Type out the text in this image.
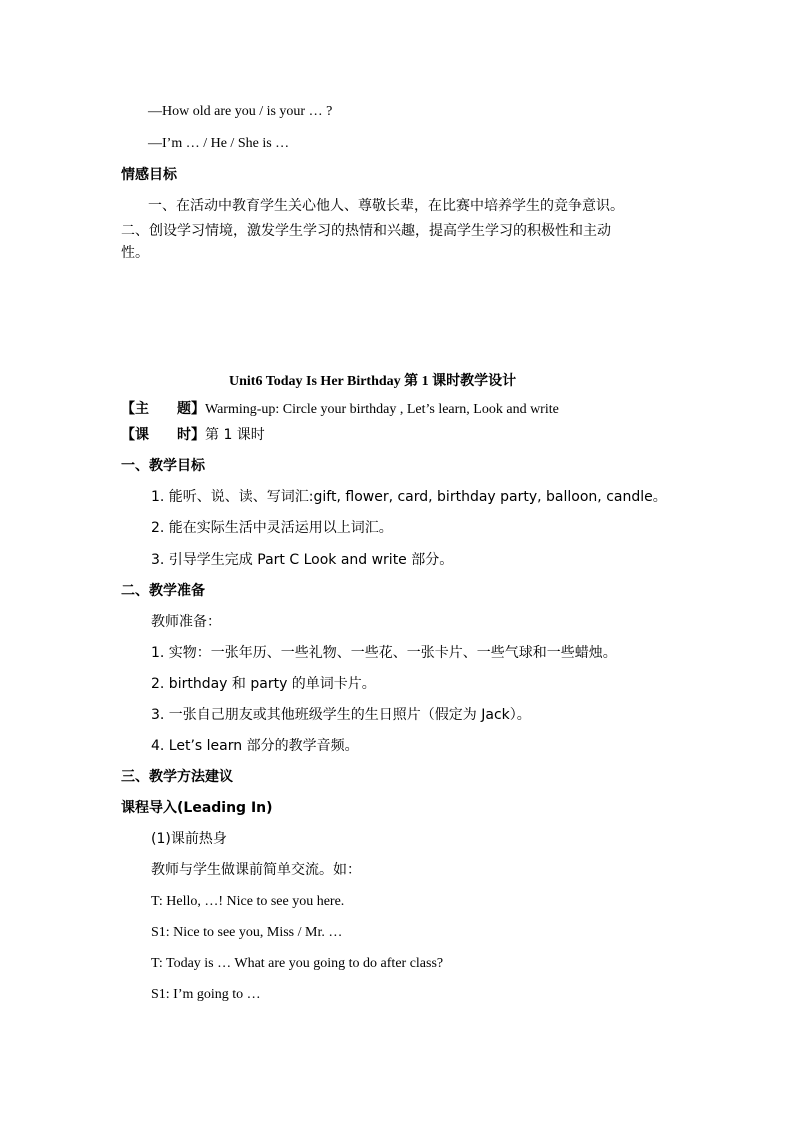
—How old are you / is your … ?
—I’m … / He / She is …
情感目标
一、在活动中教育学生关心他人、尊敬长辈，在比赛中培养学生的竞争意识。
二、创设学习情境，激发学生学习的热情和兴趣，提高学生学习的积极性和主动
性。
Unit6 Today Is Her Birthday 第 1 课时教学设计
【主　　题】Warming-up: Circle your birthday , Let’s learn, Look and write
【课　　时】第 1 课时
一、教学目标
1. 能听、说、读、写词汇:gift, flower, card, birthday party, balloon, candle。
2. 能在实际生活中灵活运用以上词汇。
3. 引导学生完成 Part C Look and write 部分。
二、教学准备
教师准备：
1. 实物：一张年历、一些礼物、一些花、一张卡片、一些气球和一些蜡烛。
2. birthday 和 party 的单词卡片。
3. 一张自己朋友或其他班级学生的生日照片（假定为 Jack）。
4. Let’s learn 部分的教学音频。
三、教学方法建议
课程导入(Leading In)
(1)课前热身
教师与学生做课前简单交流。如：
T: Hello, …! Nice to see you here.
S1: Nice to see you, Miss / Mr. …
T: Today is … What are you going to do after class?
S1: I’m going to …
